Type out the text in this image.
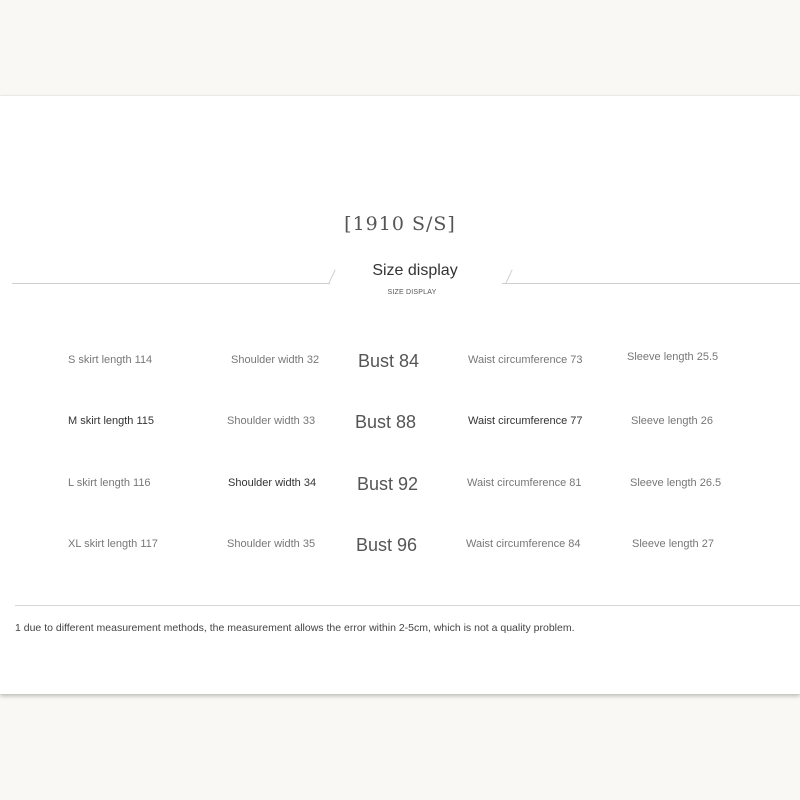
[1910 S/S]
Size display
SIZE DISPLAY
S skirt length 114	Shoulder width 32 Bust 84	Waist circumference 73	Sleeve length 25.5
M skirt length 115	Shoulder width 33 Bust 88	Waist circumference 77	Sleeve length 26
L skirt length 116	Shoulder width 34 Bust 92	Waist circumference 81	Sleeve length 26.5
XL skirt length 117	Shoulder width 35 Bust 96	Waist circumference 84	Sleeve length 27
1 due to different measurement methods, the measurement allows the error within 2-5cm, which is not a quality problem.
